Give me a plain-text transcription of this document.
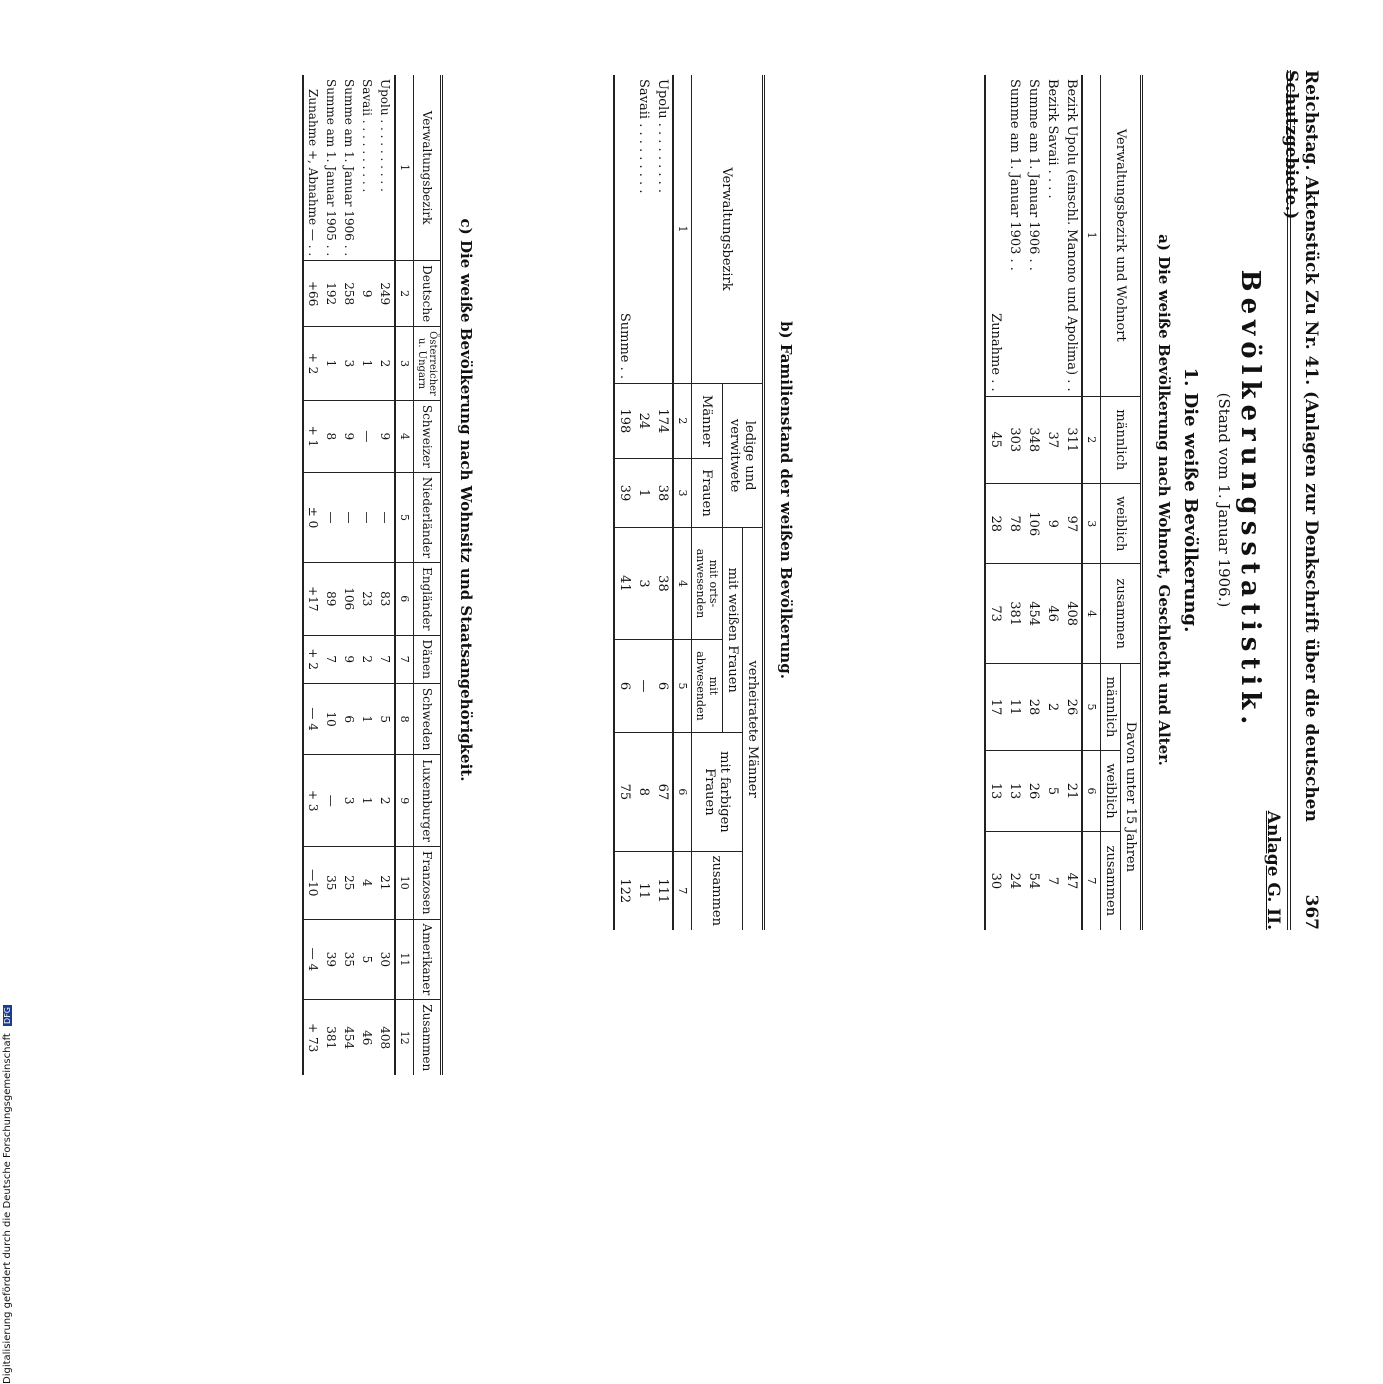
Reichstag. Aktenstück Zu Nr. 41. (Anlagen zur Denkschrift über die deutschen Schutzgebiete.)
367
Anlage G. II.
Bevölkerungsstatistik.
(Stand vom 1. Januar 1906.)
1. Die weiße Bevölkerung.
a) Die weiße Bevölkerung nach Wohnort, Geschlecht und Alter.
Verwaltungsbezirk und Wohnort	männlich	weiblich	zusammen	Davon unter 15 Jahren		
				männlich	weiblich	zusammen
1	2	3	4	5	6	7
Bezirk Upolu (einschl. Manono und Apolima) . .	311	97	408	26	21	47
Bezirk Savaii . . . .	37	9	46	2	5	7
Summe am 1. Januar 1906 . .	348	106	454	28	26	54
Summe am 1. Januar 1903 . .	303	78	381	11	13	24
Zunahme . .	45	28	73	17	13	30
b) Familienstand der weißen Bevölkerung.
Verwaltungsbezirk	ledige und verwitwete		verheiratete Männer			
			mit weißen Frauen		mit farbigen Frauen	zusammen
	Männer	Frauen	mit orts-anwesenden	mit abwesenden		
1	2	3	4	5	6	7
Upolu . . . . . . . . .	174	38	38	6	67	111
Savaii . . . . . . . . .	24	1	3	—	8	11
Summe . .	198	39	41	6	75	122
c) Die weiße Bevölkerung nach Wohnsitz und Staatsangehörigkeit.
Verwaltungsbezirk	Deutsche	Österreicher u. Ungarn	Schweizer	Niederländer	Engländer	Dänen	Schweden	Luxemburger	Franzosen	Amerikaner	Zusammen
1	2	3	4	5	6	7	8	9	10	11	12
Upolu . . . . . . . . . .	249	2	9	—	83	7	5	2	21	30	408
Savaii . . . . . . . . . .	9	1	—	—	23	2	1	1	4	5	46
Summe am 1. Januar 1906 . .	258	3	9	—	106	9	6	3	25	35	454
Summe am 1. Januar 1905 . .	192	1	8	—	89	7	10	—	35	39	381
Zunahme +, Abnahme — . .	+66	+ 2	+ 1	± 0	+17	+ 2	— 4	+ 3	—10	— 4	+ 73
Digitalisierung gefördert durch die Deutsche Forschungsgemeinschaft DFG
